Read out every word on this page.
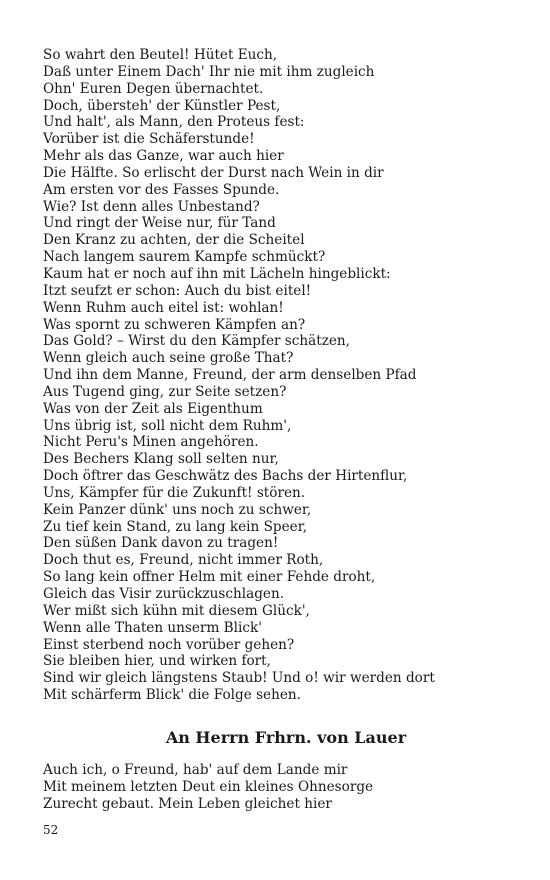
So wahrt den Beutel! Hütet Euch,
Daß unter Einem Dach' Ihr nie mit ihm zugleich
Ohn' Euren Degen übernachtet.
Doch, übersteh' der Künstler Pest,
Und halt', als Mann, den Proteus fest:
Vorüber ist die Schäferstunde!
Mehr als das Ganze, war auch hier
Die Hälfte. So erlischt der Durst nach Wein in dir
Am ersten vor des Fasses Spunde.
Wie? Ist denn alles Unbestand?
Und ringt der Weise nur, für Tand
Den Kranz zu achten, der die Scheitel
Nach langem saurem Kampfe schmückt?
Kaum hat er noch auf ihn mit Lächeln hingeblickt:
Itzt seufzt er schon: Auch du bist eitel!
Wenn Ruhm auch eitel ist: wohlan!
Was spornt zu schweren Kämpfen an?
Das Gold? – Wirst du den Kämpfer schätzen,
Wenn gleich auch seine große That?
Und ihn dem Manne, Freund, der arm denselben Pfad
Aus Tugend ging, zur Seite setzen?
Was von der Zeit als Eigenthum
Uns übrig ist, soll nicht dem Ruhm',
Nicht Peru's Minen angehören.
Des Bechers Klang soll selten nur,
Doch öftrer das Geschwätz des Bachs der Hirtenflur,
Uns, Kämpfer für die Zukunft! stören.
Kein Panzer dünk' uns noch zu schwer,
Zu tief kein Stand, zu lang kein Speer,
Den süßen Dank davon zu tragen!
Doch thut es, Freund, nicht immer Roth,
So lang kein offner Helm mit einer Fehde droht,
Gleich das Visir zurückzuschlagen.
Wer mißt sich kühn mit diesem Glück',
Wenn alle Thaten unserm Blick'
Einst sterbend noch vorüber gehen?
Sie bleiben hier, und wirken fort,
Sind wir gleich längstens Staub! Und o! wir werden dort
Mit schärferm Blick' die Folge sehen.
An Herrn Frhrn. von Lauer
Auch ich, o Freund, hab' auf dem Lande mir
Mit meinem letzten Deut ein kleines Ohnesorge
Zurecht gebaut. Mein Leben gleichet hier
52
